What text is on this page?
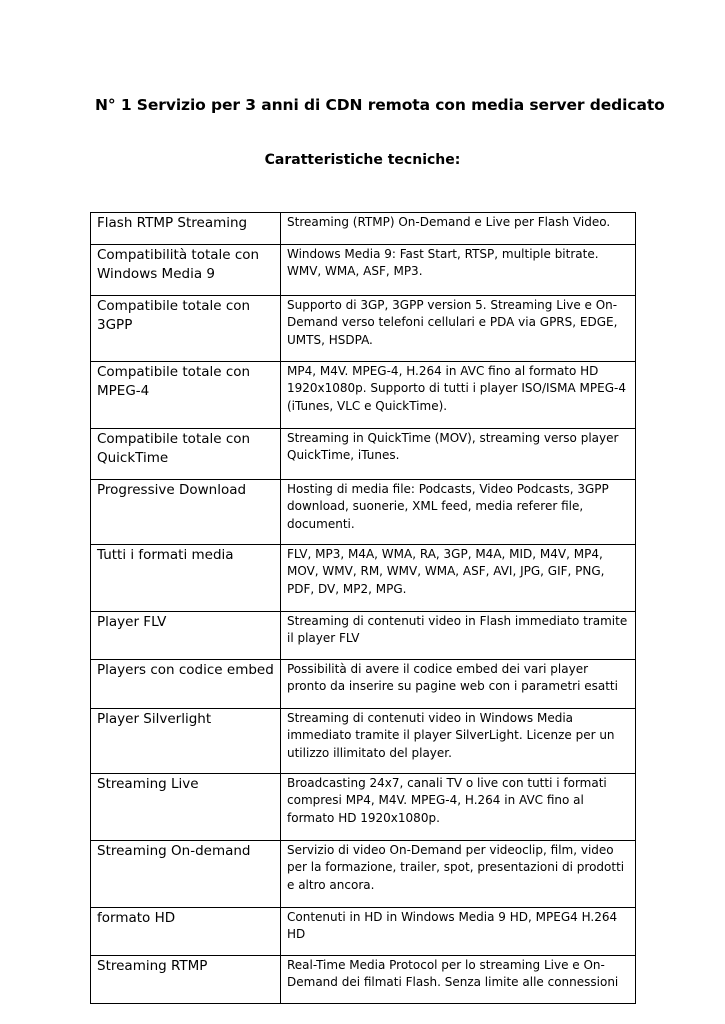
N° 1 Servizio per 3 anni di CDN remota con media server dedicato
Caratteristiche tecniche:
Flash RTMP Streaming	Streaming (RTMP) On-Demand e Live per Flash Video.

Compatibilità totale con Windows Media 9	Windows Media 9: Fast Start, RTSP, multiple bitrate. WMV, WMA, ASF, MP3.

Compatibile totale con 3GPP	Supporto di 3GP, 3GPP version 5. Streaming Live e On-Demand verso telefoni cellulari e PDA via GPRS, EDGE, UMTS, HSDPA.

Compatibile totale con MPEG-4	MP4, M4V. MPEG-4, H.264 in AVC fino al formato HD 1920x1080p. Supporto di tutti i player ISO/ISMA MPEG-4 (iTunes, VLC e QuickTime).

Compatibile totale con QuickTime	Streaming in QuickTime (MOV), streaming verso player QuickTime, iTunes.

Progressive Download	Hosting di media file: Podcasts, Video Podcasts, 3GPP download, suonerie, XML feed, media referer file, documenti.

Tutti i formati media	FLV, MP3, M4A, WMA, RA, 3GP, M4A, MID, M4V, MP4, MOV, WMV, RM, WMV, WMA, ASF, AVI, JPG, GIF, PNG, PDF, DV, MP2, MPG.

Player FLV	Streaming di contenuti video in Flash immediato tramite il player FLV

Players con codice embed	Possibilità di avere il codice embed dei vari player pronto da inserire su pagine web con i parametri esatti

Player Silverlight	Streaming di contenuti video in Windows Media immediato tramite il player SilverLight. Licenze per un utilizzo illimitato del player.

Streaming Live	Broadcasting 24x7, canali TV o live con tutti i formati compresi MP4, M4V. MPEG-4, H.264 in AVC fino al formato HD 1920x1080p.

Streaming On-demand	Servizio di video On-Demand per videoclip, film, video per la formazione, trailer, spot, presentazioni di prodotti e altro ancora.

formato HD	Contenuti in HD in Windows Media 9 HD, MPEG4 H.264 HD

Streaming RTMP	Real-Time Media Protocol per lo streaming Live e On-Demand dei filmati Flash. Senza limite alle connessioni
